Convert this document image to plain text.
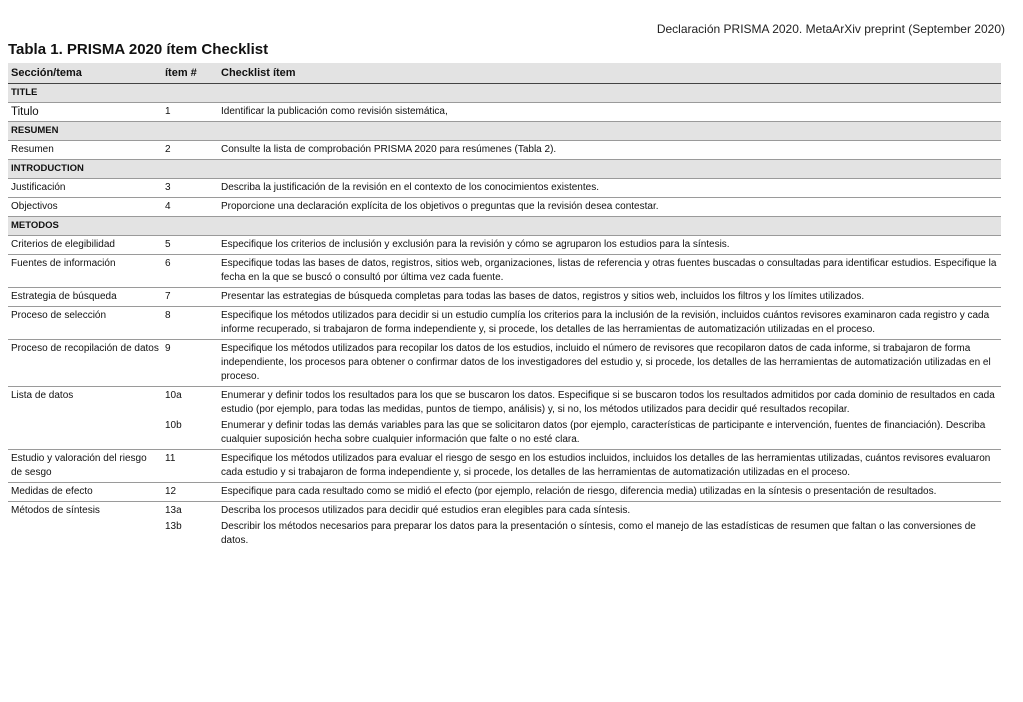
Declaración PRISMA 2020. MetaArXiv preprint (September 2020)
Tabla 1. PRISMA 2020 ítem Checklist
Sección/tema	ítem #	Checklist ítem
TITLE		
Titulo	1	Identificar la publicación como revisión sistemática,
RESUMEN		
Resumen	2	Consulte la lista de comprobación PRISMA 2020 para resúmenes (Tabla 2).
INTRODUCTION		
Justificación	3	Describa la justificación de la revisión en el contexto de los conocimientos existentes.
Objectivos	4	Proporcione una declaración explícita de los objetivos o preguntas que la revisión desea contestar.
METODOS		
Criterios de elegibilidad	5	Especifique los criterios de inclusión y exclusión para la revisión y cómo se agruparon los estudios para la síntesis.
Fuentes de información	6	Especifique todas las bases de datos, registros, sitios web, organizaciones, listas de referencia y otras fuentes buscadas o consultadas para identificar estudios. Especifique la fecha en la que se buscó o consultó por última vez cada fuente.
Estrategia de búsqueda	7	Presentar las estrategias de búsqueda completas para todas las bases de datos, registros y sitios web, incluidos los filtros y los límites utilizados.
Proceso de selección	8	Especifique los métodos utilizados para decidir si un estudio cumplía los criterios para la inclusión de la revisión, incluidos cuántos revisores examinaron cada registro y cada informe recuperado, si trabajaron de forma independiente y, si procede, los detalles de las herramientas de automatización utilizadas en el proceso.
Proceso de recopilación de datos	9	Especifique los métodos utilizados para recopilar los datos de los estudios, incluido el número de revisores que recopilaron datos de cada informe, si trabajaron de forma independiente, los procesos para obtener o confirmar datos de los investigadores del estudio y, si procede, los detalles de las herramientas de automatización utilizadas en el proceso.
Lista de datos	10a	Enumerar y definir todos los resultados para los que se buscaron los datos. Especifique si se buscaron todos los resultados admitidos por cada dominio de resultados en cada estudio (por ejemplo, para todas las medidas, puntos de tiempo, análisis) y, si no, los métodos utilizados para decidir qué resultados recopilar.
	10b	Enumerar y definir todas las demás variables para las que se solicitaron datos (por ejemplo, características de participante e intervención, fuentes de financiación). Describa cualquier suposición hecha sobre cualquier información que falte o no esté clara.
Estudio y valoración del riesgo de sesgo	11	Especifique los métodos utilizados para evaluar el riesgo de sesgo en los estudios incluidos, incluidos los detalles de las herramientas utilizadas, cuántos revisores evaluaron cada estudio y si trabajaron de forma independiente y, si procede, los detalles de las herramientas de automatización utilizadas en el proceso.
Medidas de efecto	12	Especifique para cada resultado como se midió el efecto (por ejemplo, relación de riesgo, diferencia media) utilizadas en la síntesis o presentación de resultados.
Métodos de síntesis	13a	Describa los procesos utilizados para decidir qué estudios eran elegibles para cada síntesis.
	13b	Describir los métodos necesarios para preparar los datos para la presentación o síntesis, como el manejo de las estadísticas de resumen que faltan o las conversiones de datos.
